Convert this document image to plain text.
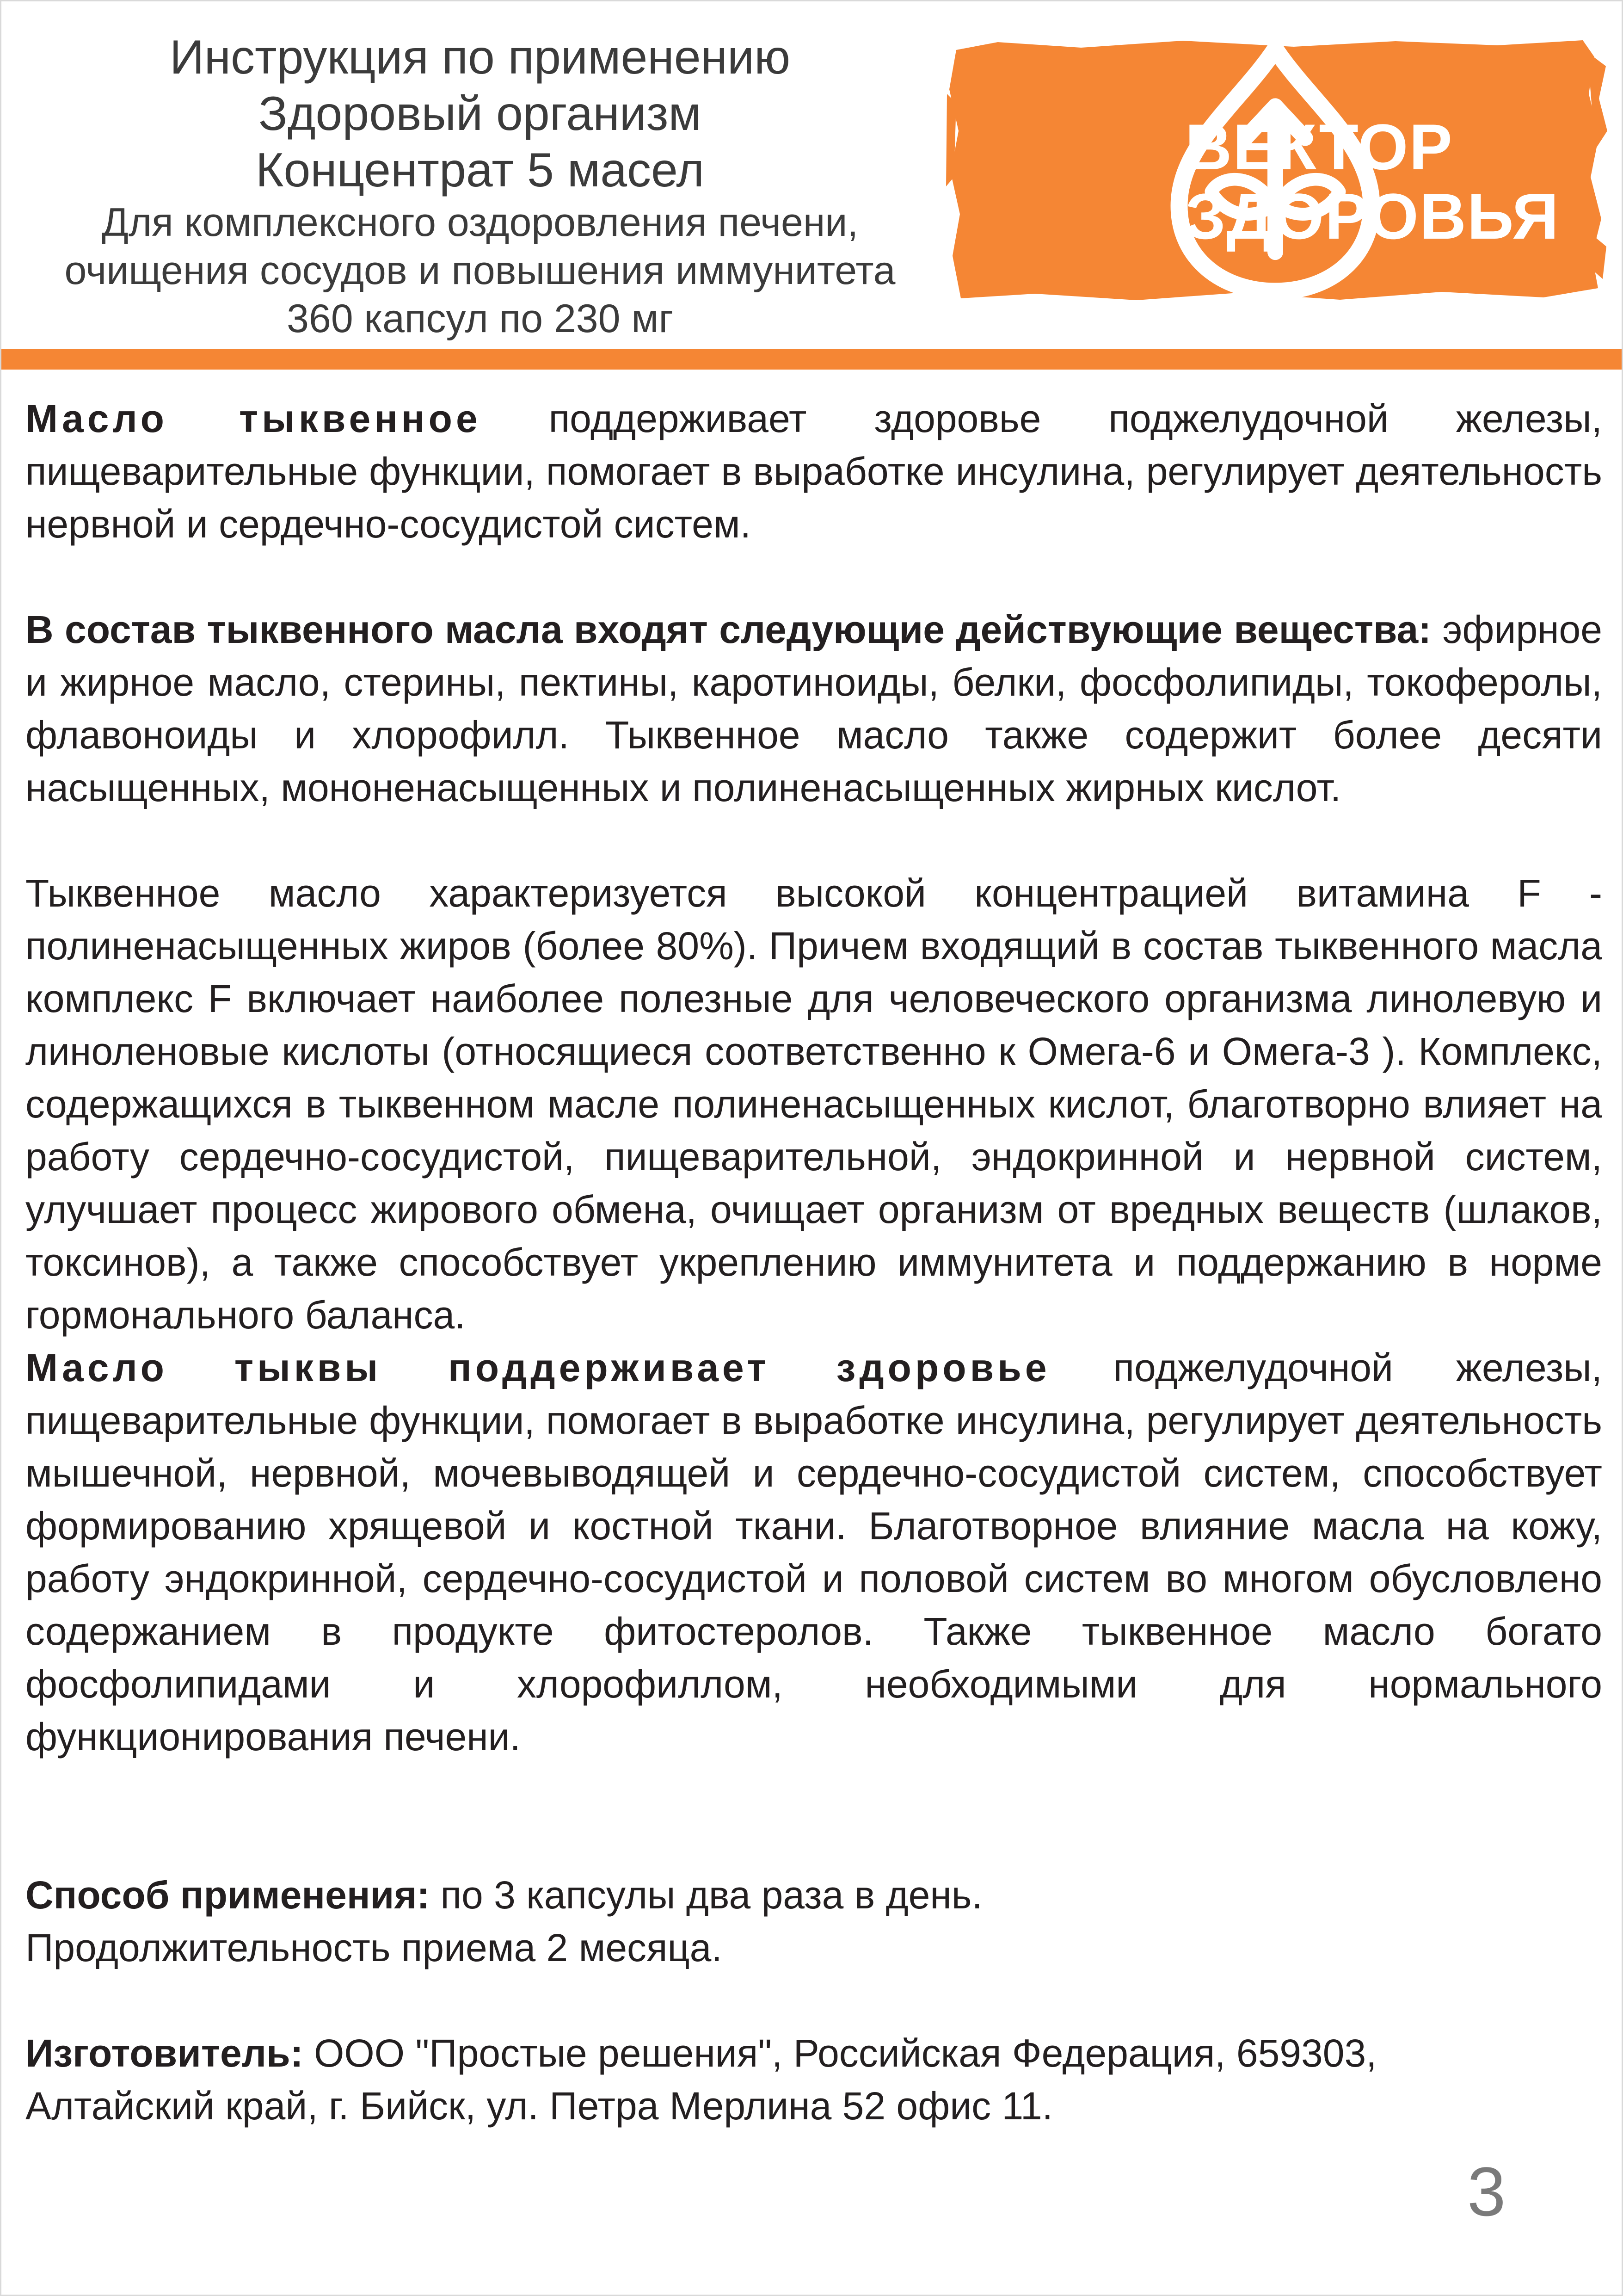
Инструкция по применению
Здоровый организм
Концентрат 5 масел
Для комплексного оздоровления печени,
очищения сосудов и повышения иммунитета
360 капсул по 230 мг
ВЕКТОР
ЗДОРОВЬЯ

Масло тыквенное поддерживает здоровье поджелудочной железы, пищеварительные функции, помогает в выработке инсулина, регулирует деятельность нервной и сердечно-сосудистой систем.

В состав тыквенного масла входят следующие действующие вещества: эфирное и жирное масло, стерины, пектины, каротиноиды, белки, фосфолипиды, токоферолы, флавоноиды и хлорофилл. Тыквенное масло также содержит более десяти насыщенных, мононенасыщенных и полиненасыщенных жирных кислот.

Тыквенное масло характеризуется высокой концентрацией витамина F - полиненасыщенных жиров (более 80%). Причем входящий в состав тыквенного масла комплекс F включает наиболее полезные для человеческого организма линолевую и линоленовые кислоты (относящиеся соответственно к Омега-6 и Омега-3 ). Комплекс, содержащихся в тыквенном масле полиненасыщенных кислот, благотворно влияет на работу сердечно-сосудистой, пищеварительной, эндокринной и нервной систем, улучшает процесс жирового обмена, очищает организм от вредных веществ (шлаков, токсинов), а также способствует укреплению иммунитета и поддержанию в норме гормонального баланса.

Масло тыквы поддерживает здоровье поджелудочной железы, пищеварительные функции, помогает в выработке инсулина, регулирует деятельность мышечной, нервной, мочевыводящей и сердечно-сосудистой систем, способствует формированию хрящевой и костной ткани. Благотворное влияние масла на кожу, работу эндокринной, сердечно-сосудистой и половой систем во многом обусловлено содержанием в продукте фитостеролов. Также тыквенное масло богато фосфолипидами и хлорофиллом, необходимыми для нормального функционирования печени.

Способ применения: по 3 капсулы два раза в день.
Продолжительность приема 2 месяца.
Изготовитель: ООО "Простые решения", Российская Федерация, 659303,
Алтайский край, г. Бийск, ул. Петра Мерлина 52 офис 11.
3
